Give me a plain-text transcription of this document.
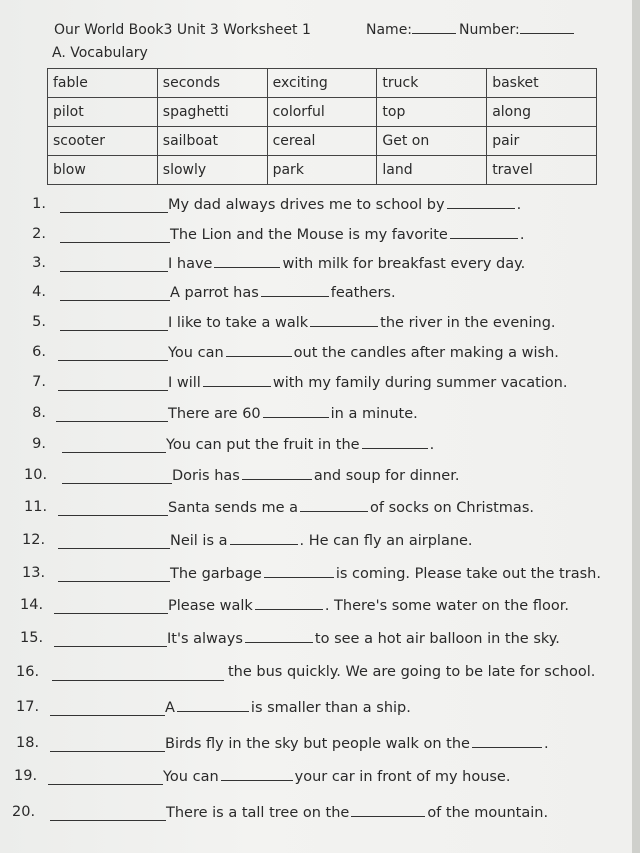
Our World Book3 Unit 3 Worksheet 1	Name:	Number:
A. Vocabulary
fable	seconds	exciting	truck	basket
pilot	spaghetti	colorful	top	along
scooter	sailboat	cereal	Get on	pair
blow	slowly	park	land	travel
1.	My dad always drives me to school by	.
2.	The Lion and the Mouse is my favorite	.
3.	I have	with milk for breakfast every day.
4.	A parrot has	feathers.
5.	I like to take a walk	the river in the evening.
6.	You can	out the candles after making a wish.
7.	I will	with my family during summer vacation.
8.	There are 60	in a minute.
9.	You can put the fruit in the	.
10.	Doris has	and soup for dinner.
11.	Santa sends me a	of socks on Christmas.
12.	Neil is a	. He can fly an airplane.
13.	The garbage	is coming. Please take out the trash.
14.	Please walk	. There's some water on the floor.
15.	It's always	to see a hot air balloon in the sky.
16.	the bus quickly. We are going to be late for school.
17.	A	is smaller than a ship.
18.	Birds fly in the sky but people walk on the	.
19.	You can	your car in front of my house.
20.	There is a tall tree on the	of the mountain.
